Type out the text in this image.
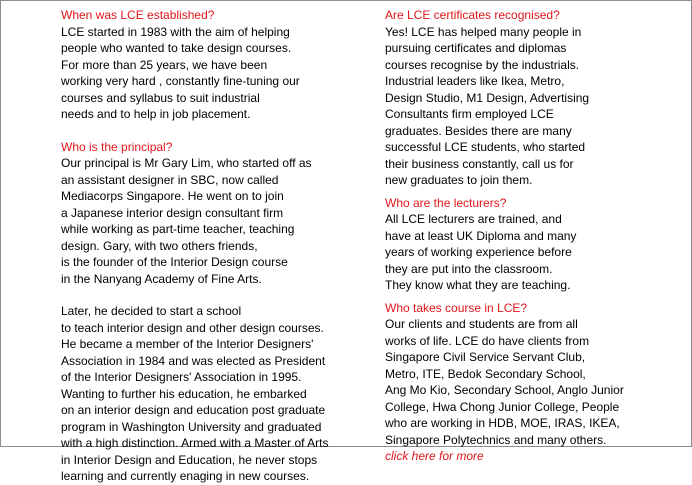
When was LCE established?
LCE started in 1983 with the aim of helping
people who wanted to take design courses.
For more than 25 years, we have been
working very hard , constantly fine-tuning our
courses and syllabus to suit industrial
needs and to help in job placement.
Who is the principal?
Our principal is Mr Gary Lim, who started off as
an assistant designer in SBC, now called
Mediacorps Singapore. He went on to join
a Japanese interior design consultant firm
while working as part-time teacher, teaching
design. Gary, with two others friends,
is the founder of the Interior Design course
in the Nanyang Academy of Fine Arts.
Later, he decided to start a school
to teach interior design and other design courses.
He became a member of the Interior Designers'
Association in 1984 and was elected as President
of the Interior Designers' Association in 1995.
Wanting to further his education, he embarked
on an interior design and education post graduate
program in Washington University and graduated
with a high distinction. Armed with a Master of Arts
in Interior Design and Education, he never stops
learning and currently enaging in new courses.
Are LCE certificates recognised?
Yes! LCE has helped many people in
pursuing certificates and diplomas
courses recognise by the industrials.
Industrial leaders like Ikea, Metro,
Design Studio, M1 Design, Advertising
Consultants firm employed LCE
graduates. Besides there are many
successful LCE students, who started
their business constantly, call us for
new graduates to join them.
Who are the lecturers?
All LCE lecturers are trained, and
have at least UK Diploma and many
years of working experience before
they are put into the classroom.
They know what they are teaching.
Who takes course in LCE?
Our clients and students are from all
works of life. LCE do have clients from
Singapore Civil Service Servant Club,
Metro, ITE, Bedok Secondary School,
Ang Mo Kio, Secondary School, Anglo Junior
College, Hwa Chong Junior College, People
who are working in HDB, MOE, IRAS, IKEA,
Singapore Polytechnics and many others.
click here for more
